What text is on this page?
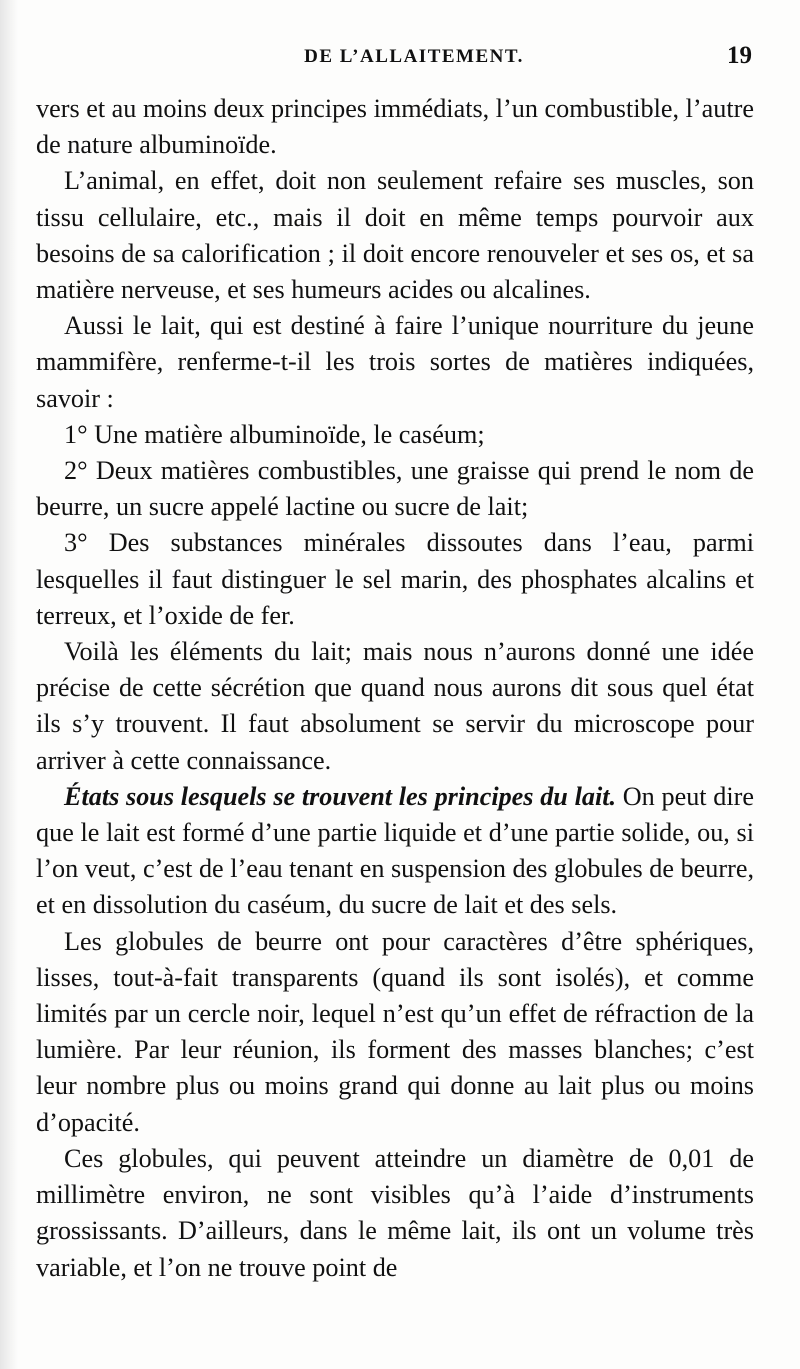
DE L’ALLAITEMENT.	19

vers et au moins deux principes immédiats, l’un combustible, l’autre de nature albuminoïde.

L’animal, en effet, doit non seulement refaire ses muscles, son tissu cellulaire, etc., mais il doit en même temps pourvoir aux besoins de sa calorification ; il doit encore renouveler et ses os, et sa matière nerveuse, et ses humeurs acides ou alcalines.

Aussi le lait, qui est destiné à faire l’unique nourriture du jeune mammifère, renferme-t-il les trois sortes de matières indiquées, savoir :

1° Une matière albuminoïde, le caséum;

2° Deux matières combustibles, une graisse qui prend le nom de beurre, un sucre appelé lactine ou sucre de lait;

3° Des substances minérales dissoutes dans l’eau, parmi lesquelles il faut distinguer le sel marin, des phosphates alcalins et terreux, et l’oxide de fer.

Voilà les éléments du lait; mais nous n’aurons donné une idée précise de cette sécrétion que quand nous aurons dit sous quel état ils s’y trouvent. Il faut absolument se servir du microscope pour arriver à cette connaissance.

États sous lesquels se trouvent les principes du lait. On peut dire que le lait est formé d’une partie liquide et d’une partie solide, ou, si l’on veut, c’est de l’eau tenant en suspension des globules de beurre, et en dissolution du caséum, du sucre de lait et des sels.

Les globules de beurre ont pour caractères d’être sphériques, lisses, tout-à-fait transparents (quand ils sont isolés), et comme limités par un cercle noir, lequel n’est qu’un effet de réfraction de la lumière. Par leur réunion, ils forment des masses blanches; c’est leur nombre plus ou moins grand qui donne au lait plus ou moins d’opacité.

Ces globules, qui peuvent atteindre un diamètre de 0,01 de millimètre environ, ne sont visibles qu’à l’aide d’instruments grossissants. D’ailleurs, dans le même lait, ils ont un volume très variable, et l’on ne trouve point de
